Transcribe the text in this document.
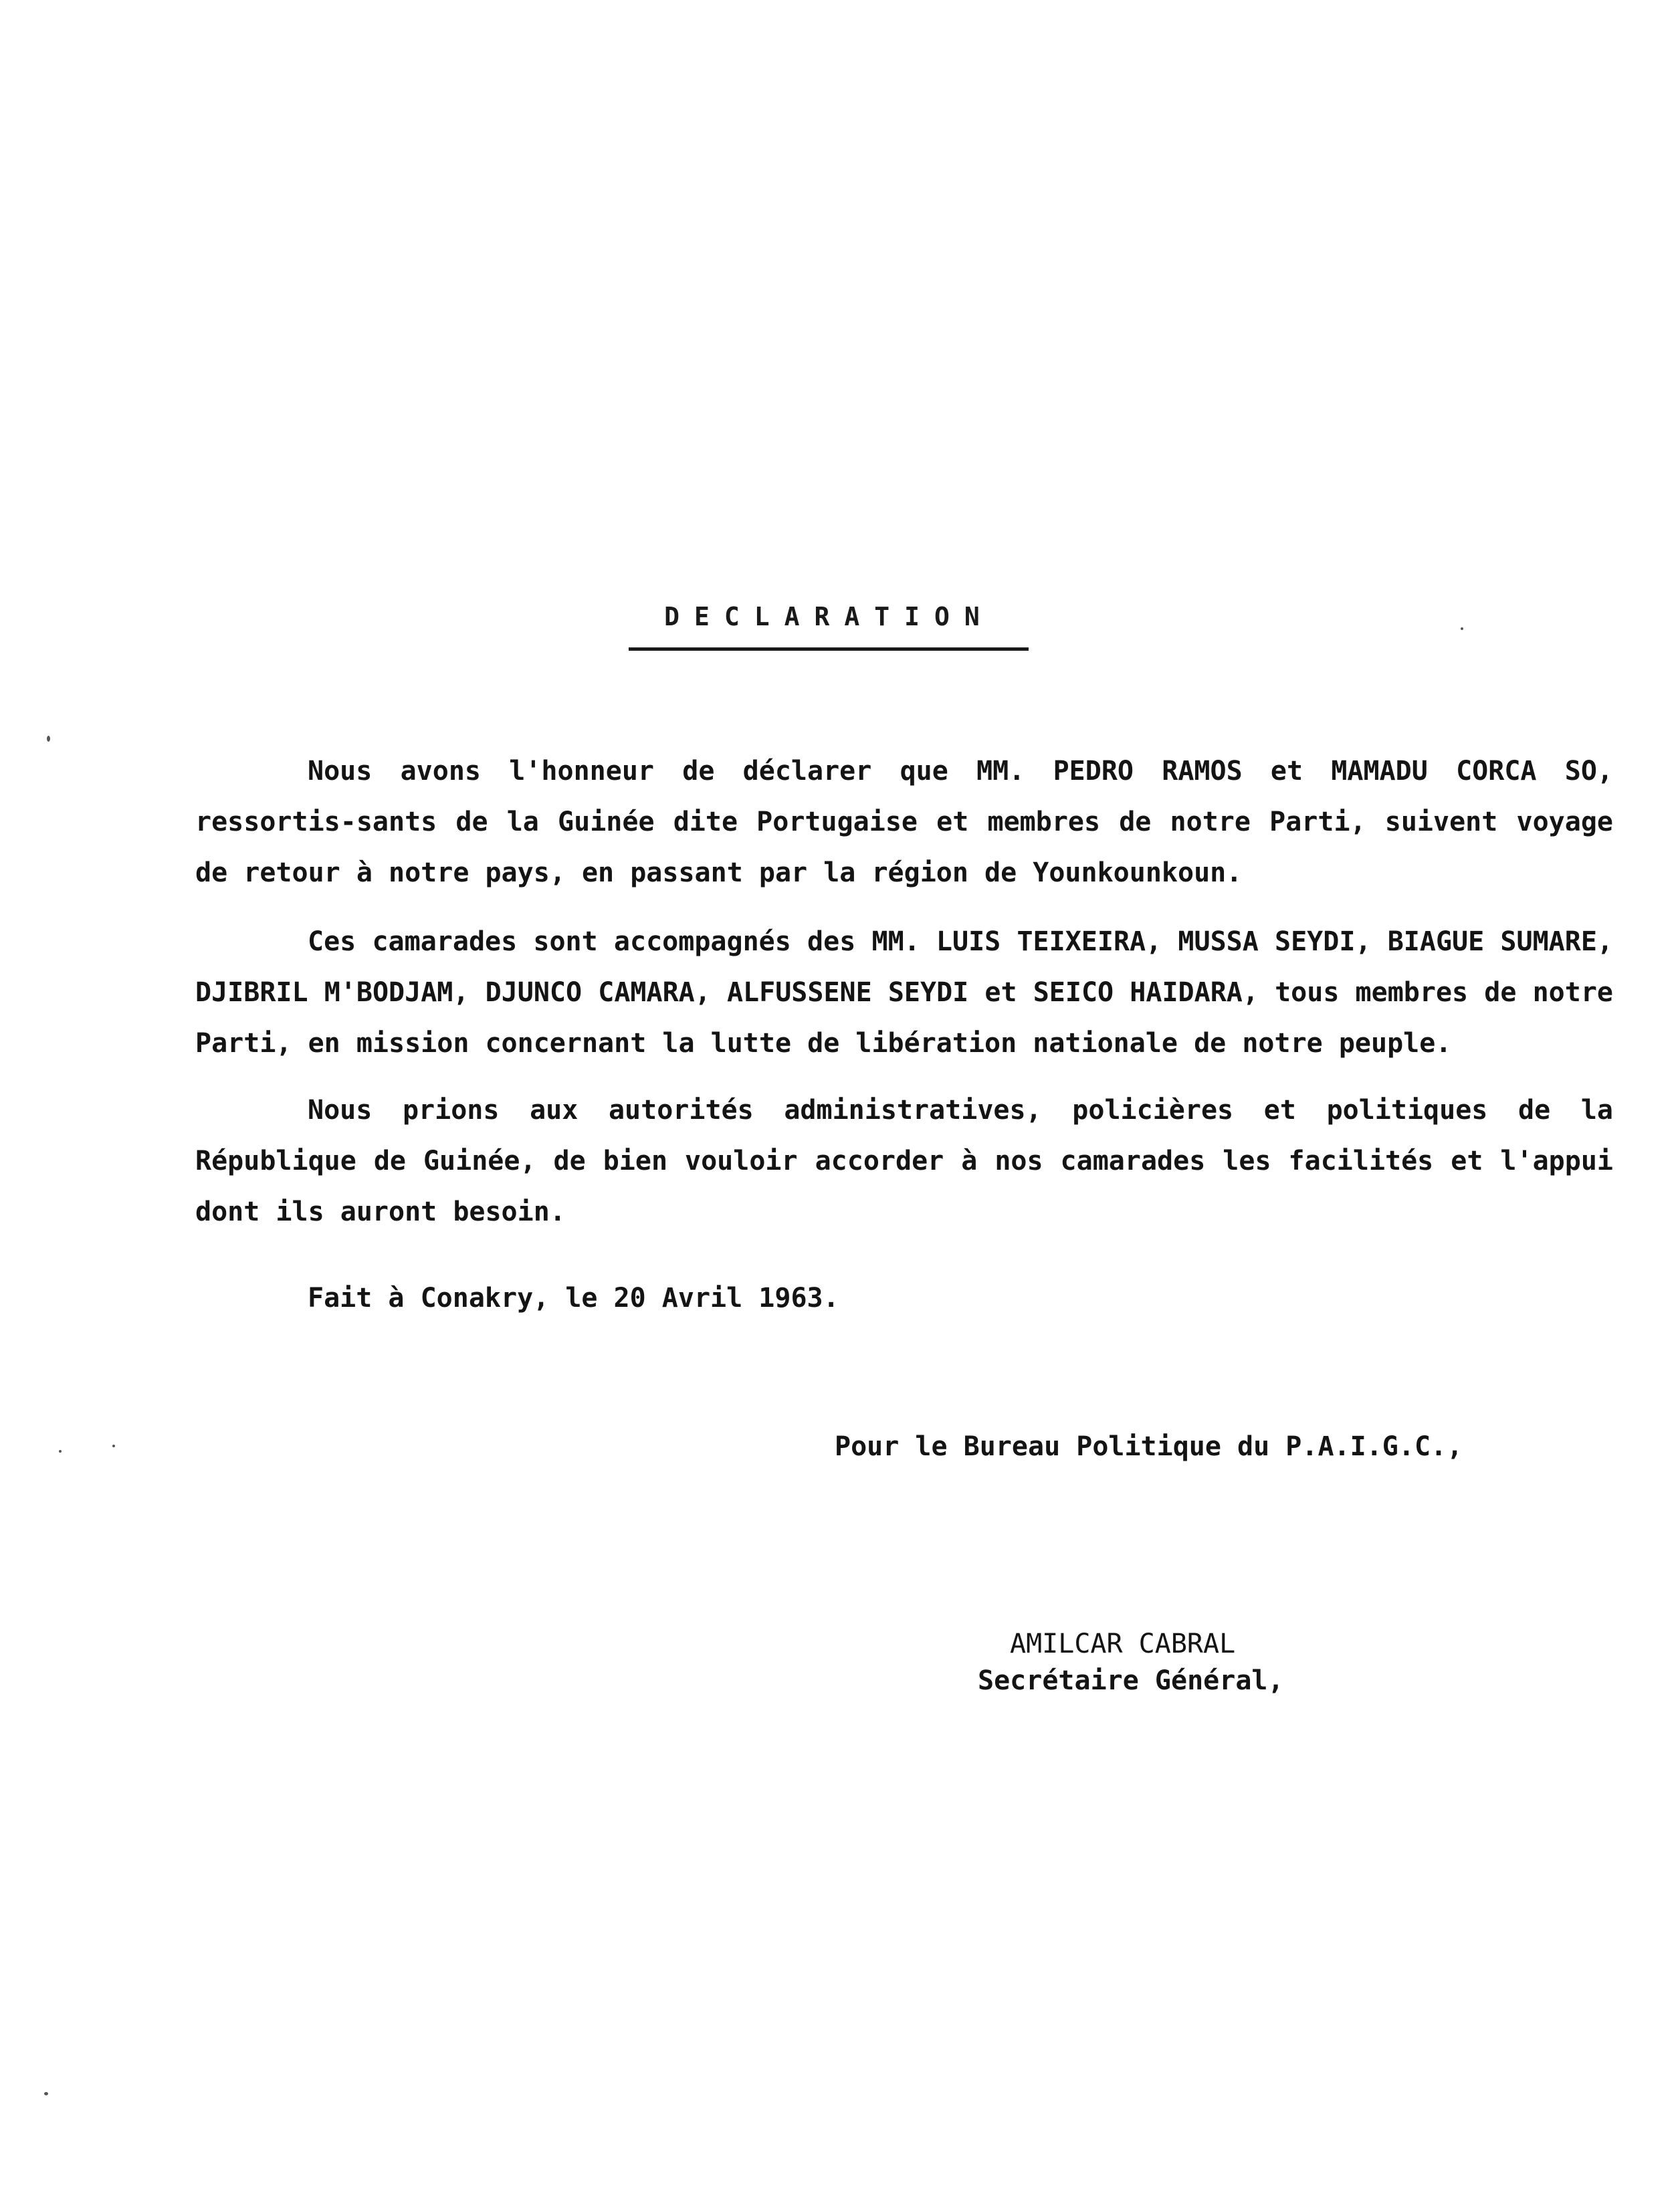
DECLARATION
Nous avons l'honneur de déclarer que MM. PEDRO RAMOS et MAMADU CORCA SO, ressortis-sants de la Guinée dite Portugaise et membres de notre Parti, suivent voyage de retour à notre pays, en passant par la région de Younkounkoun.
Ces camarades sont accompagnés des MM. LUIS TEIXEIRA, MUSSA SEYDI, BIAGUE SUMARE, DJIBRIL M'BODJAM, DJUNCO CAMARA, ALFUSSENE SEYDI et SEICO HAIDARA, tous membres de notre Parti, en mission concernant la lutte de libération nationale de notre peuple.
Nous prions aux autorités administratives, policières et politiques de la République de Guinée, de bien vouloir accorder à nos camarades les facilités et l'appui dont ils auront besoin.
Fait à Conakry, le 20 Avril 1963.
Pour le Bureau Politique du P.A.I.G.C.,
AMILCAR CABRAL
Secrétaire Général,
